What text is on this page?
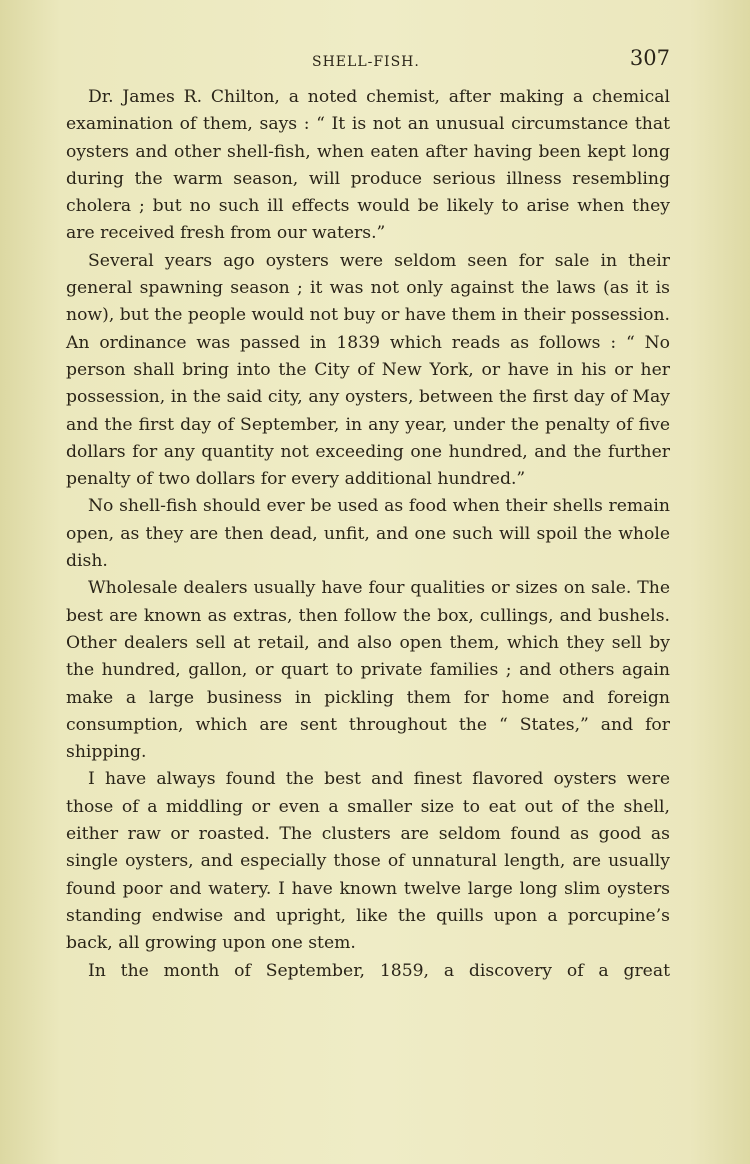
SHELL-FISH.	307

Dr. James R. Chilton, a noted chemist, after making a chemical examination of them, says : “ It is not an unusual circumstance that oysters and other shell-fish, when eaten after having been kept long during the warm season, will produce serious illness resembling cholera ; but no such ill effects would be likely to arise when they are received fresh from our waters.”

Several years ago oysters were seldom seen for sale in their general spawning season ; it was not only against the laws (as it is now), but the people would not buy or have them in their possession. An ordinance was passed in 1839 which reads as follows : “ No person shall bring into the City of New York, or have in his or her possession, in the said city, any oysters, between the first day of May and the first day of September, in any year, under the penalty of five dollars for any quantity not exceeding one hundred, and the further penalty of two dollars for every additional hundred.”

No shell-fish should ever be used as food when their shells remain open, as they are then dead, unfit, and one such will spoil the whole dish.

Wholesale dealers usually have four qualities or sizes on sale. The best are known as extras, then follow the box, cullings, and bushels. Other dealers sell at retail, and also open them, which they sell by the hundred, gallon, or quart to private families ; and others again make a large business in pickling them for home and foreign consumption, which are sent throughout the “ States,” and for shipping.

I have always found the best and finest flavored oysters were those of a middling or even a smaller size to eat out of the shell, either raw or roasted. The clusters are seldom found as good as single oysters, and especially those of unnatural length, are usually found poor and watery. I have known twelve large long slim oysters standing endwise and upright, like the quills upon a porcupine’s back, all growing upon one stem.

In the month of September, 1859, a discovery of a great
